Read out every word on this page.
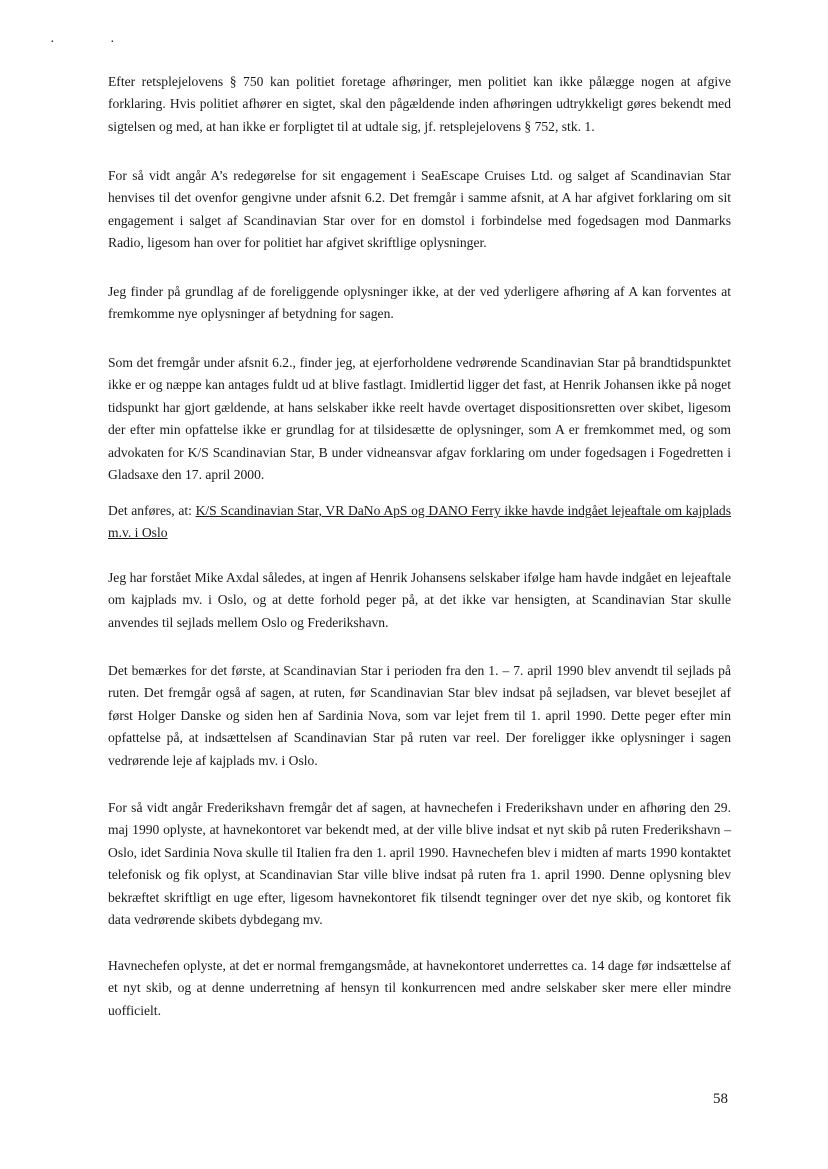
·	·

Efter retsplejelovens § 750 kan politiet foretage afhøringer, men politiet kan ikke pålægge nogen at afgive forklaring. Hvis politiet afhører en sigtet, skal den pågældende inden afhøringen udtrykkeligt gøres bekendt med sigtelsen og med, at han ikke er forpligtet til at udtale sig, jf. retsplejelovens § 752, stk. 1.

For så vidt angår A’s redegørelse for sit engagement i SeaEscape Cruises Ltd. og salget af Scandinavian Star henvises til det ovenfor gengivne under afsnit 6.2. Det fremgår i samme afsnit, at A har afgivet forklaring om sit engagement i salget af Scandinavian Star over for en domstol i forbindelse med fogedsagen mod Danmarks Radio, ligesom han over for politiet har afgivet skriftlige oplysninger.

Jeg finder på grundlag af de foreliggende oplysninger ikke, at der ved yderligere afhøring af A kan forventes at fremkomme nye oplysninger af betydning for sagen.

Som det fremgår under afsnit 6.2., finder jeg, at ejerforholdene vedrørende Scandinavian Star på brandtidspunktet ikke er og næppe kan antages fuldt ud at blive fastlagt. Imidlertid ligger det fast, at Henrik Johansen ikke på noget tidspunkt har gjort gældende, at hans selskaber ikke reelt havde overtaget dispositionsretten over skibet, ligesom der efter min opfattelse ikke er grundlag for at tilsidesætte de oplysninger, som A er fremkommet med, og som advokaten for K/S Scandinavian Star, B under vidneansvar afgav forklaring om under fogedsagen i Fogedretten i Gladsaxe den 17. april 2000.

Det anføres, at: K/S Scandinavian Star, VR DaNo ApS og DANO Ferry ikke havde indgået lejeaftale om kajplads m.v. i Oslo

Jeg har forstået Mike Axdal således, at ingen af Henrik Johansens selskaber ifølge ham havde indgået en lejeaftale om kajplads mv. i Oslo, og at dette forhold peger på, at det ikke var hensigten, at Scandinavian Star skulle anvendes til sejlads mellem Oslo og Frederikshavn.

Det bemærkes for det første, at Scandinavian Star i perioden fra den 1. – 7. april 1990 blev anvendt til sejlads på ruten. Det fremgår også af sagen, at ruten, før Scandinavian Star blev indsat på sejladsen, var blevet besejlet af først Holger Danske og siden hen af Sardinia Nova, som var lejet frem til 1. april 1990. Dette peger efter min opfattelse på, at indsættelsen af Scandinavian Star på ruten var reel. Der foreligger ikke oplysninger i sagen vedrørende leje af kajplads mv. i Oslo.

For så vidt angår Frederikshavn fremgår det af sagen, at havnechefen i Frederikshavn under en afhøring den 29. maj 1990 oplyste, at havnekontoret var bekendt med, at der ville blive indsat et nyt skib på ruten Frederikshavn – Oslo, idet Sardinia Nova skulle til Italien fra den 1. april 1990. Havnechefen blev i midten af marts 1990 kontaktet telefonisk og fik oplyst, at Scandinavian Star ville blive indsat på ruten fra 1. april 1990. Denne oplysning blev bekræftet skriftligt en uge efter, ligesom havnekontoret fik tilsendt tegninger over det nye skib, og kontoret fik data vedrørende skibets dybdegang mv.

Havnechefen oplyste, at det er normal fremgangsmåde, at havnekontoret underrettes ca. 14 dage før indsættelse af et nyt skib, og at denne underretning af hensyn til konkurrencen med andre selskaber sker mere eller mindre uofficielt.

58
